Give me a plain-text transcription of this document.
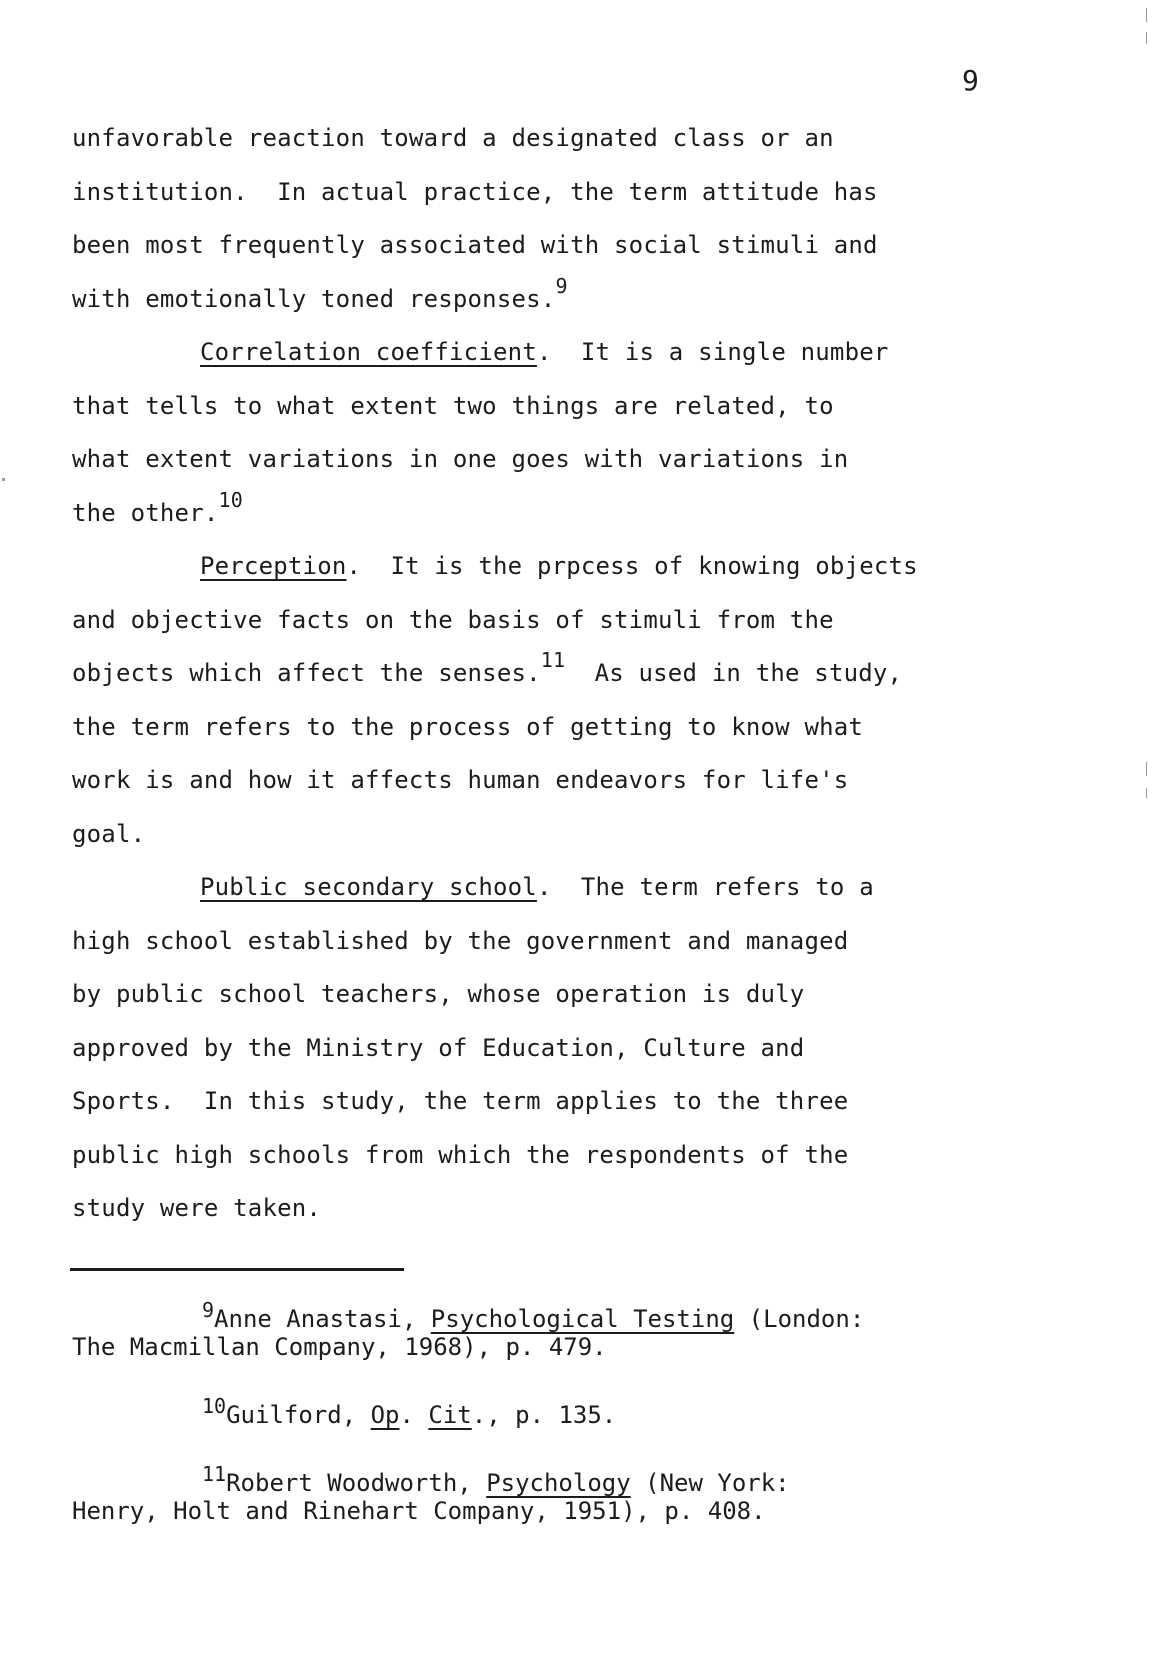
9
unfavorable reaction toward a designated class or an
institution.  In actual practice, the term attitude has
been most frequently associated with social stimuli and
with emotionally toned responses.$^9$
Correlation coefficient.  It is a single number
that tells to what extent two things are related, to
what extent variations in one goes with variations in
the other.$^{10}$
Perception.  It is the prpcess of knowing objects
and objective facts on the basis of stimuli from the
objects which affect the senses.$^{11}$  As used in the study,
the term refers to the process of getting to know what
work is and how it affects human endeavors for life's
goal.
Public secondary school.  The term refers to a
high school established by the government and managed
by public school teachers, whose operation is duly
approved by the Ministry of Education, Culture and
Sports.  In this study, the term applies to the three
public high schools from which the respondents of the
study were taken.
$^9$Anne Anastasi, Psychological Testing (London:
The Macmillan Company, 1968), p. 479.
$^{10}$Guilford, Op. Cit., p. 135.
$^{11}$Robert Woodworth, Psychology (New York:
Henry, Holt and Rinehart Company, 1951), p. 408.
